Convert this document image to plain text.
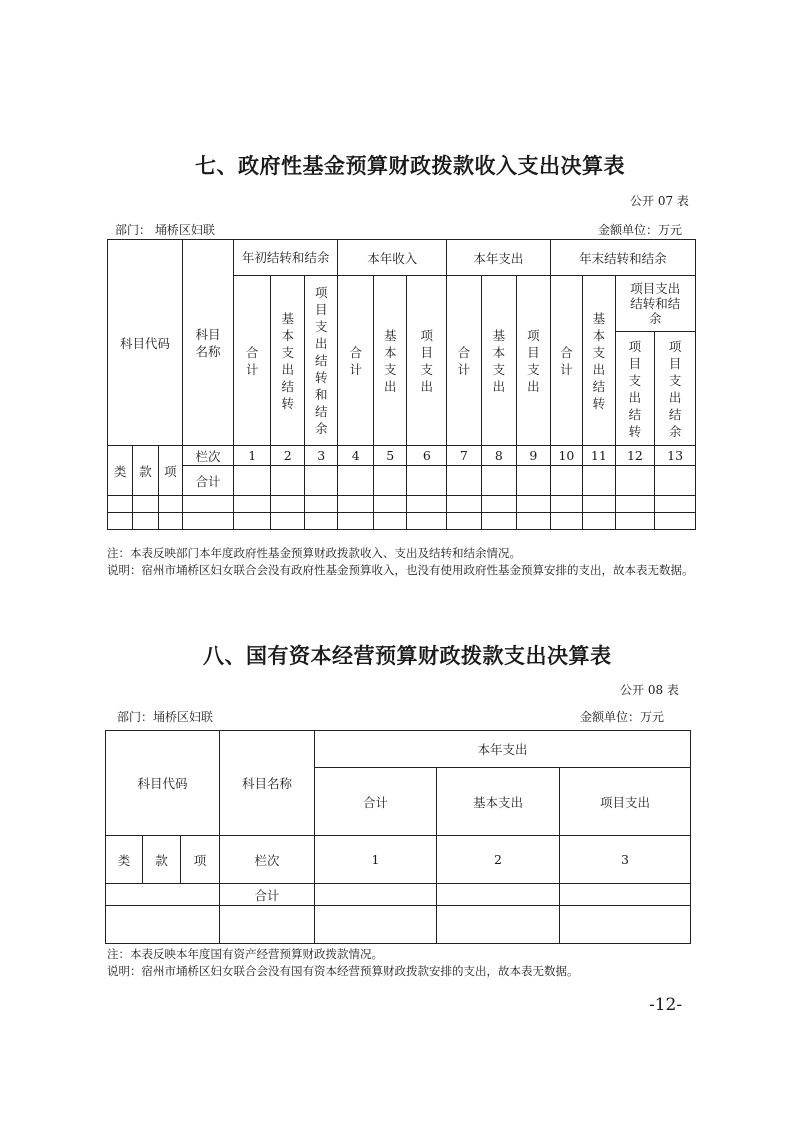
七、政府性基金预算财政拨款收入支出决算表
公开 07 表
部门： 埇桥区妇联	金额单位：万元
科目代码			科目名称	年初结转和结余			本年收入			本年支出			年末结转和结余			
				合计	基本支出结转	项目支出结转和结余	合计	基本支出	项目支出	合计	基本支出	项目支出	合计	基本支出结转	项目支出结转和结余	
															项目支出结转	项目支出结余
类	款	项	栏次	1	2	3	4	5	6	7	8	9	10	11	12	13
			合计													

注：本表反映部门本年度政府性基金预算财政拨款收入、支出及结转和结余情况。
说明：宿州市埇桥区妇女联合会没有政府性基金预算收入，也没有使用政府性基金预算安排的支出，故本表无数据。
八、国有资本经营预算财政拨款支出决算表
公开 08 表
部门：埇桥区妇联	金额单位：万元
科目代码			科目名称	本年支出		
				合计	基本支出	项目支出
类	款	项	栏次	1	2	3
			合计			

注：本表反映本年度国有资产经营预算财政拨款情况。
说明：宿州市埇桥区妇女联合会没有国有资本经营预算财政拨款安排的支出，故本表无数据。
-12-
